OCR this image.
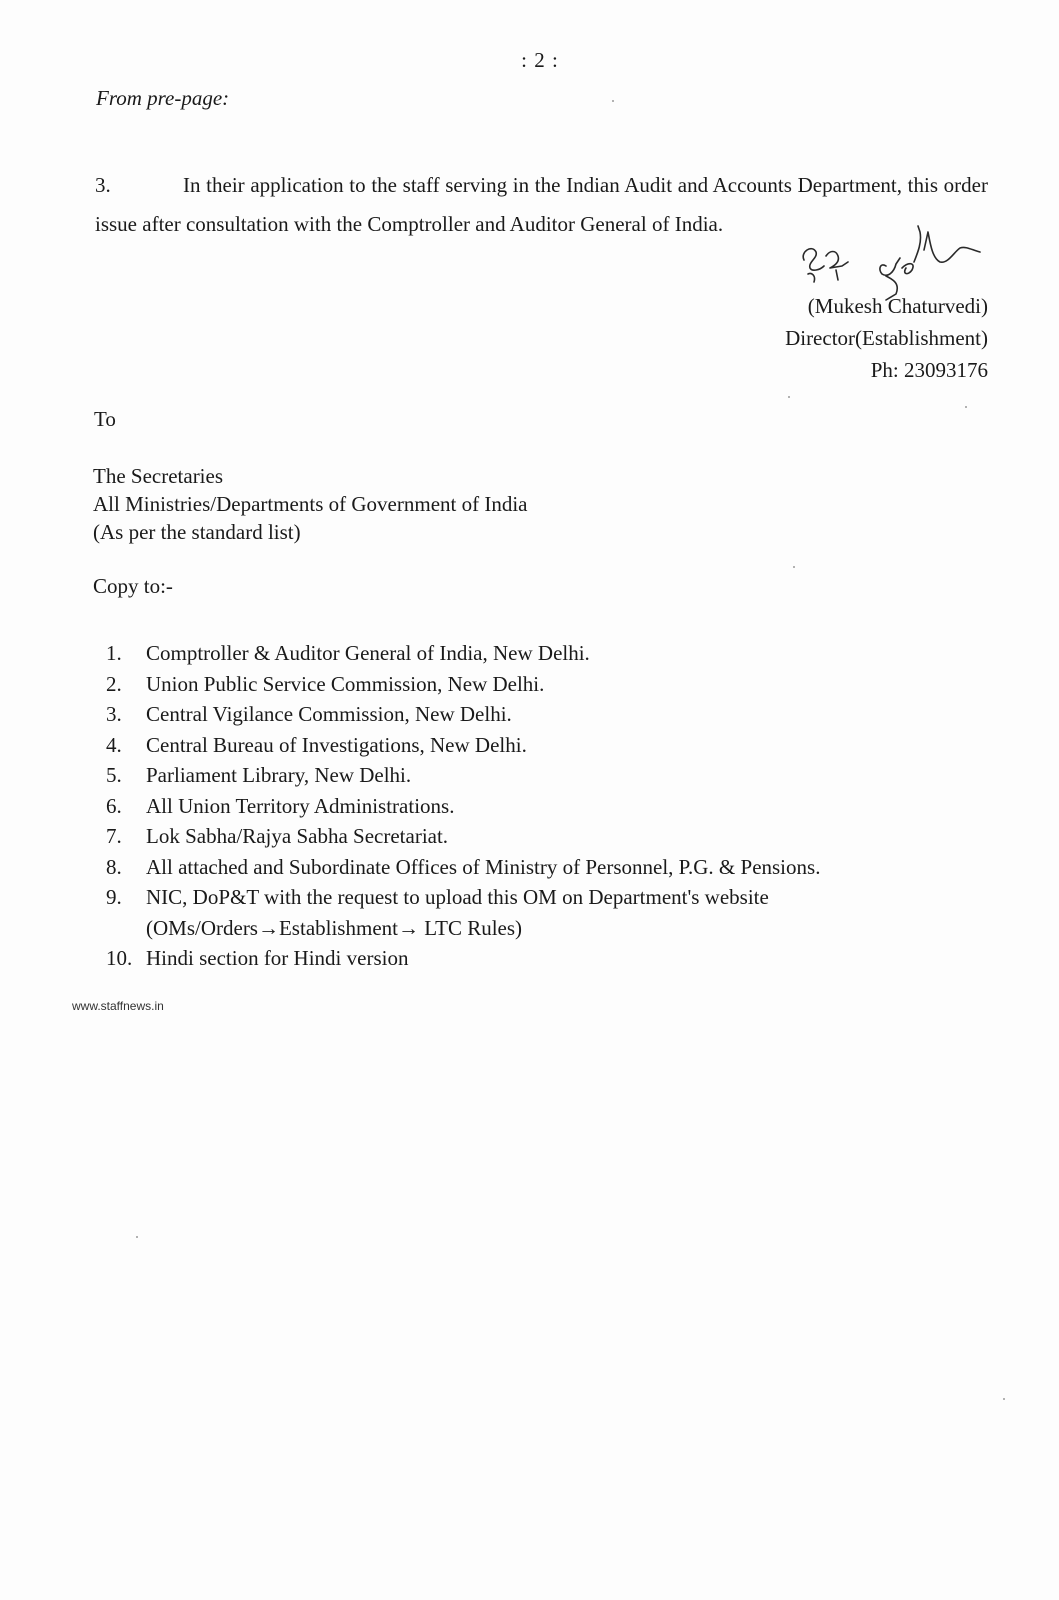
: 2 :
From pre-page:
3.	In their application to the staff serving in the Indian Audit and Accounts Department, this order issue after consultation with the Comptroller and Auditor General of India.
(Mukesh Chaturvedi)
Director(Establishment)
Ph: 23093176
To
The Secretaries
All Ministries/Departments of Government of India
(As per the standard list)
Copy to:-
1.	Comptroller & Auditor General of India, New Delhi.
2.	Union Public Service Commission, New Delhi.
3.	Central Vigilance Commission, New Delhi.
4.	Central Bureau of Investigations, New Delhi.
5.	Parliament Library, New Delhi.
6.	All Union Territory Administrations.
7.	Lok Sabha/Rajya Sabha Secretariat.
8.	All attached and Subordinate Offices of Ministry of Personnel, P.G. & Pensions.
9.	NIC, DoP&T with the request to upload this OM on Department's website
(OMs/Orders→Establishment→ LTC Rules)
10. Hindi section for Hindi version
www.staffnews.in
